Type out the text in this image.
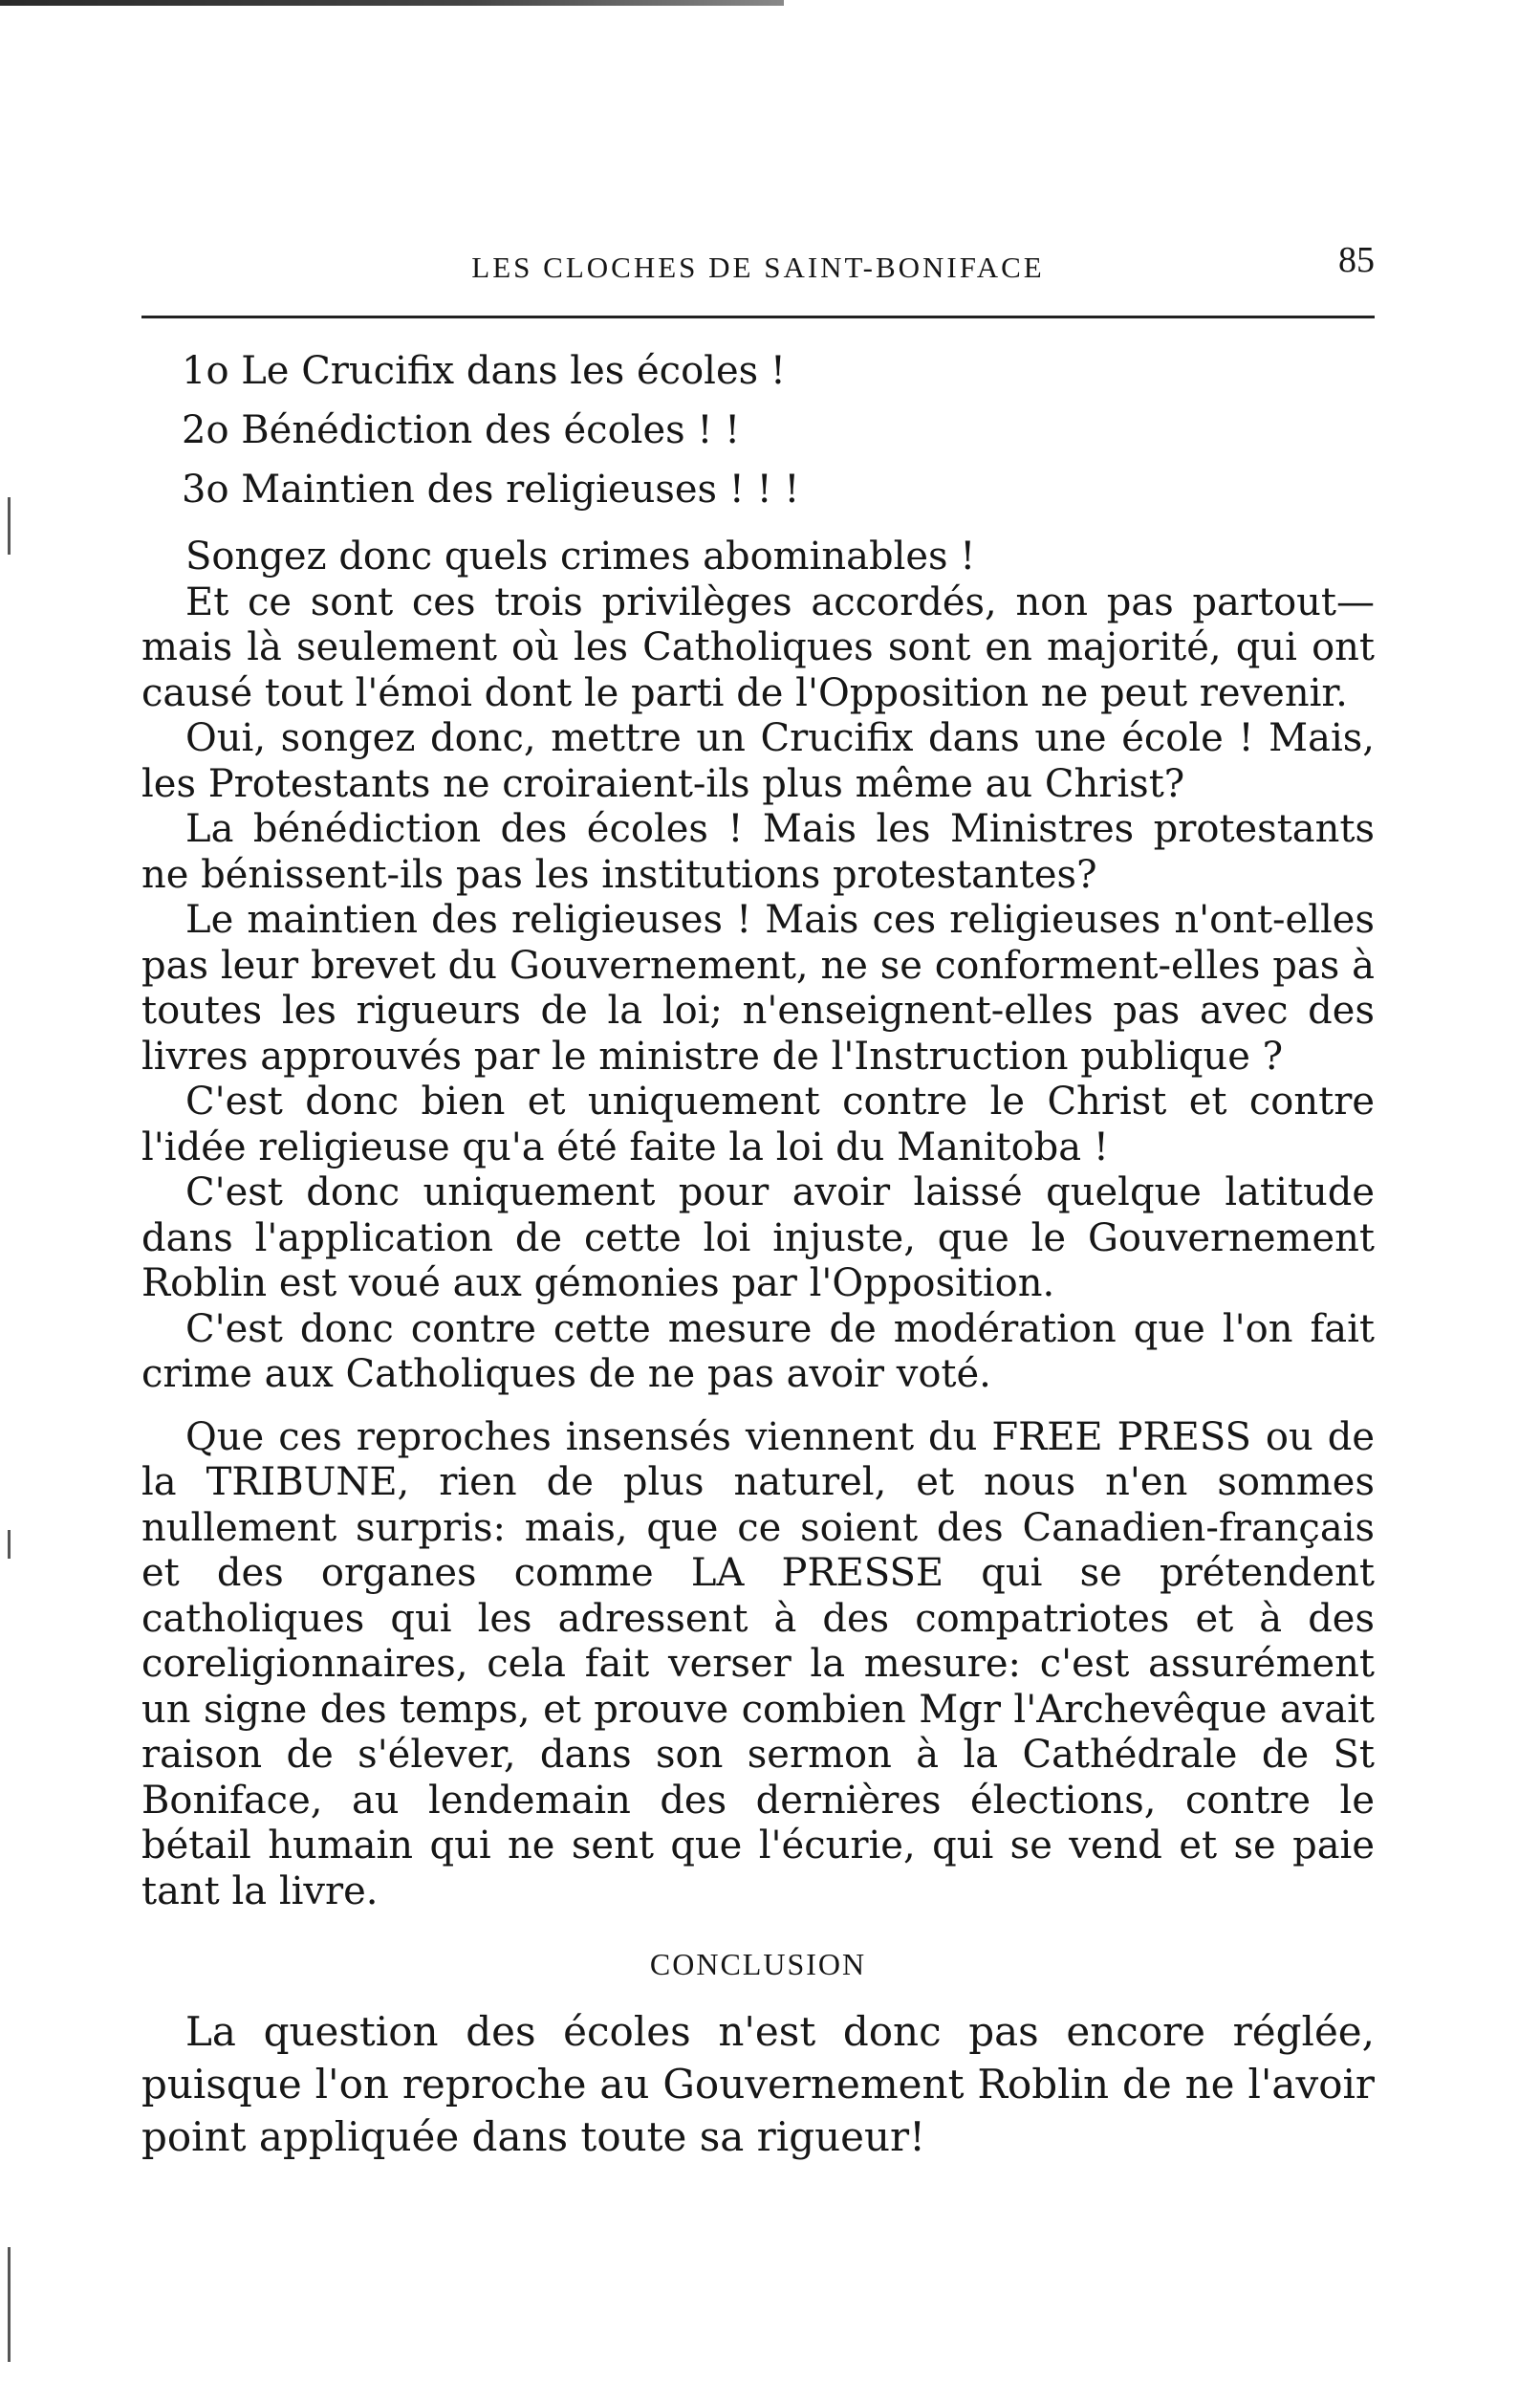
LES CLOCHES DE SAINT-BONIFACE	85
1o Le Crucifix dans les écoles !
2o Bénédiction des écoles ! !
3o Maintien des religieuses ! ! !

Songez donc quels crimes abominables !

Et ce sont ces trois privilèges accordés, non pas partout—mais là seulement où les Catholiques sont en majorité, qui ont causé tout l'émoi dont le parti de l'Opposition ne peut revenir.

Oui, songez donc, mettre un Crucifix dans une école ! Mais, les Protestants ne croiraient-ils plus même au Christ?

La bénédiction des écoles ! Mais les Ministres protestants ne bénissent-ils pas les institutions protestantes?

Le maintien des religieuses ! Mais ces religieuses n'ont-elles pas leur brevet du Gouvernement, ne se conforment-elles pas à toutes les rigueurs de la loi; n'enseignent-elles pas avec des livres approuvés par le ministre de l'Instruction publique ?

C'est donc bien et uniquement contre le Christ et contre l'idée religieuse qu'a été faite la loi du Manitoba !

C'est donc uniquement pour avoir laissé quelque latitude dans l'application de cette loi injuste, que le Gouvernement Roblin est voué aux gémonies par l'Opposition.

C'est donc contre cette mesure de modération que l'on fait crime aux Catholiques de ne pas avoir voté.

Que ces reproches insensés viennent du FREE PRESS ou de la TRIBUNE, rien de plus naturel, et nous n'en sommes nullement surpris: mais, que ce soient des Canadien-français et des organes comme LA PRESSE qui se prétendent catholiques qui les adressent à des compatriotes et à des coreligionnaires, cela fait verser la mesure: c'est assurément un signe des temps, et prouve combien Mgr l'Archevêque avait raison de s'élever, dans son sermon à la Cathédrale de St Boniface, au lendemain des dernières élections, contre le bétail humain qui ne sent que l'écurie, qui se vend et se paie tant la livre.

CONCLUSION

La question des écoles n'est donc pas encore réglée, puisque l'on reproche au Gouvernement Roblin de ne l'avoir point appliquée dans toute sa rigueur!
